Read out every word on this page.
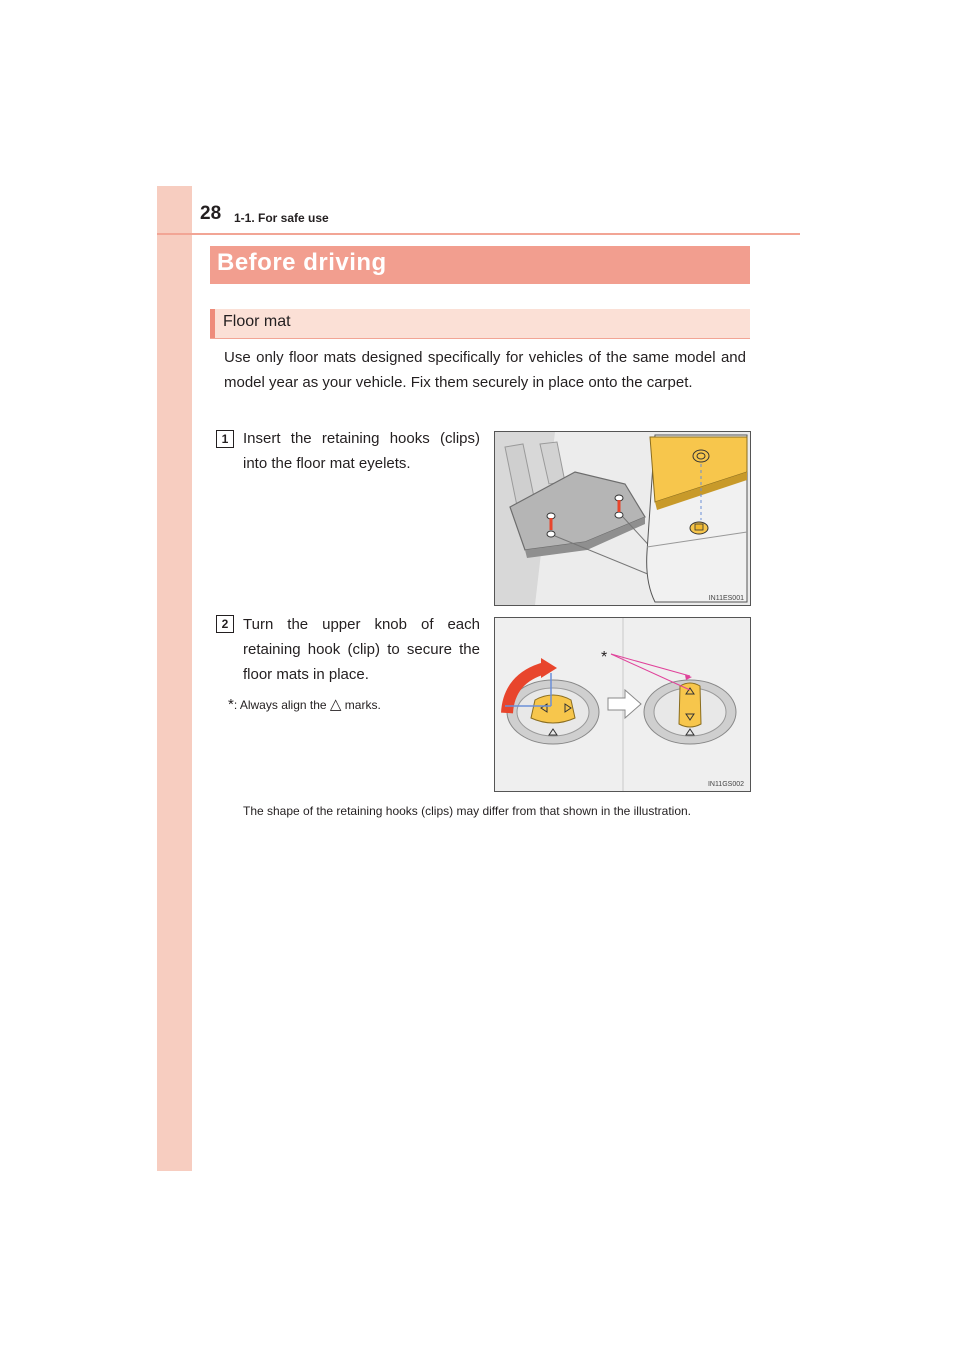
28 1-1. For safe use
Before driving
Floor mat
Use only floor mats designed specifically for vehicles of the same model and model year as your vehicle. Fix them securely in place onto the carpet.
1 Insert the retaining hooks (clips) into the floor mat eyelets.
2 Turn the upper knob of each retaining hook (clip) to secure the floor mats in place.
*: Always align the △ marks.
The shape of the retaining hooks (clips) may differ from that shown in the illustration.
IN11ES001
*
IN11GS002
